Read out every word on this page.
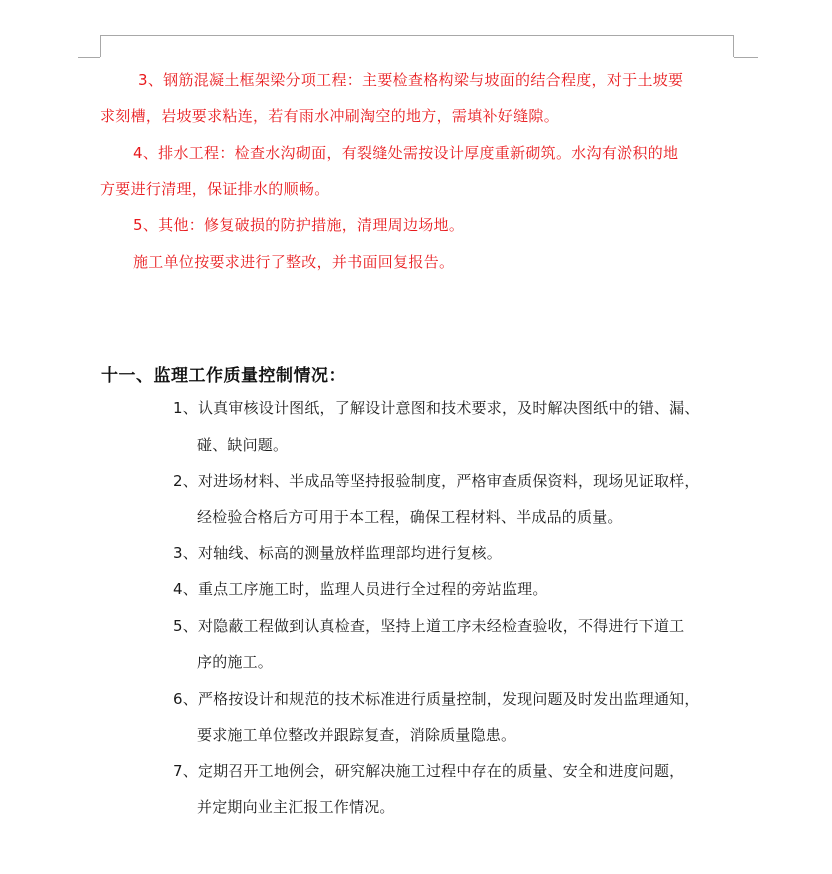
3、钢筋混凝土框架梁分项工程：主要检查格构梁与坡面的结合程度，对于土坡要
求刻槽，岩坡要求粘连，若有雨水冲刷淘空的地方，需填补好缝隙。
4、排水工程：检查水沟砌面，有裂缝处需按设计厚度重新砌筑。水沟有淤积的地
方要进行清理，保证排水的顺畅。
5、其他：修复破损的防护措施，清理周边场地。
施工单位按要求进行了整改，并书面回复报告。
十一、监理工作质量控制情况：
1、认真审核设计图纸，了解设计意图和技术要求，及时解决图纸中的错、漏、
碰、缺问题。
2、对进场材料、半成品等坚持报验制度，严格审查质保资料，现场见证取样，
经检验合格后方可用于本工程，确保工程材料、半成品的质量。
3、对轴线、标高的测量放样监理部均进行复核。
4、重点工序施工时，监理人员进行全过程的旁站监理。
5、对隐蔽工程做到认真检查，坚持上道工序未经检查验收，不得进行下道工
序的施工。
6、严格按设计和规范的技术标准进行质量控制，发现问题及时发出监理通知，
要求施工单位整改并跟踪复查，消除质量隐患。
7、定期召开工地例会，研究解决施工过程中存在的质量、安全和进度问题，
并定期向业主汇报工作情况。
